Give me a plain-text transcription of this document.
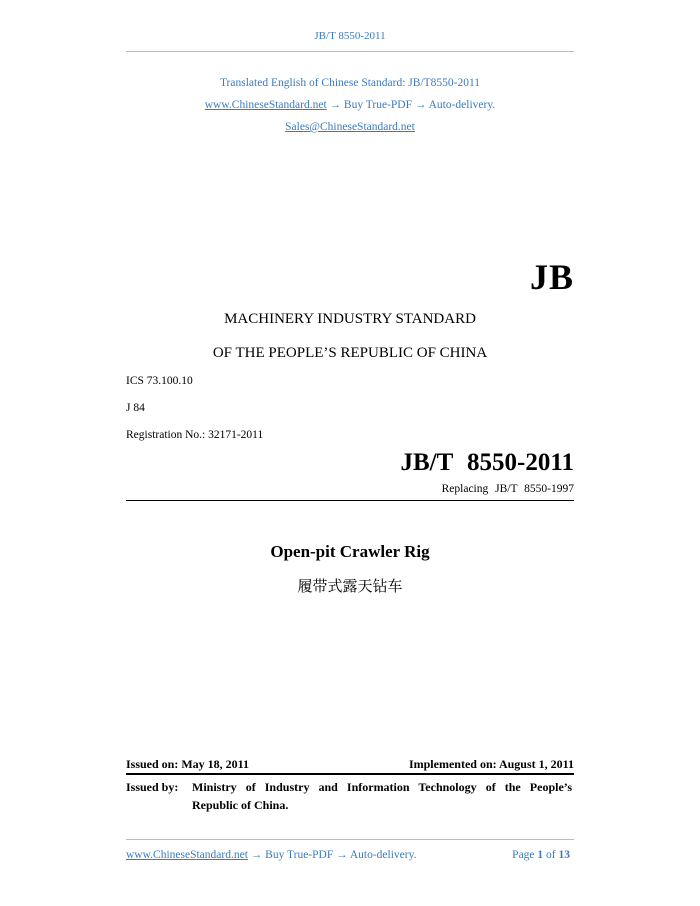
JB/T 8550-2011
Translated English of Chinese Standard: JB/T8550-2011
www.ChineseStandard.net → Buy True-PDF → Auto-delivery.
Sales@ChineseStandard.net
JB
MACHINERY INDUSTRY STANDARD
OF THE PEOPLE’S REPUBLIC OF CHINA
ICS 73.100.10
J 84
Registration No.: 32171-2011
JB/T 8550-2011
Replacing JB/T 8550-1997
Open-pit Crawler Rig
履带式露天钻车
Issued on: May 18, 2011	Implemented on: August 1, 2011
Issued by: Ministry of Industry and Information Technology of the People’s Republic of China.
www.ChineseStandard.net → Buy True-PDF → Auto-delivery.	Page 1 of 13
